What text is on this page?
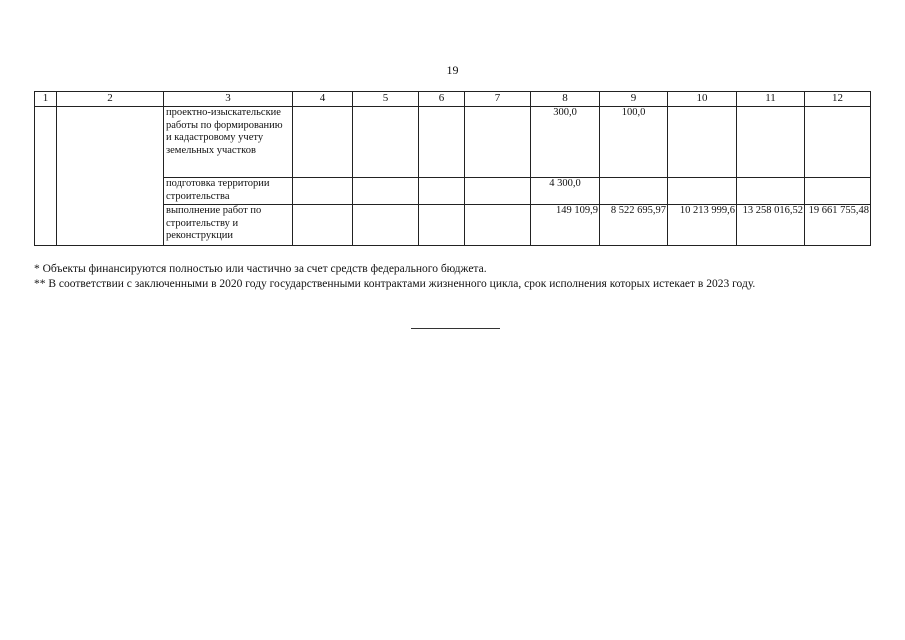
19
1	2	3	4	5	6	7	8	9	10	11	12
		проектно-изыскательские работы по формированию и кадастровому учету земельных участков					300,0	100,0			
		подготовка территории строительства					4 300,0				
		выполнение работ по строительству и реконструкции					149 109,9	8 522 695,97	10 213 999,6	13 258 016,52	19 661 755,48

* Объекты финансируются полностью или частично за счет средств федерального бюджета.

** В соответствии с заключенными в 2020 году государственными контрактами жизненного цикла, срок исполнения которых истекает в 2023 году.
